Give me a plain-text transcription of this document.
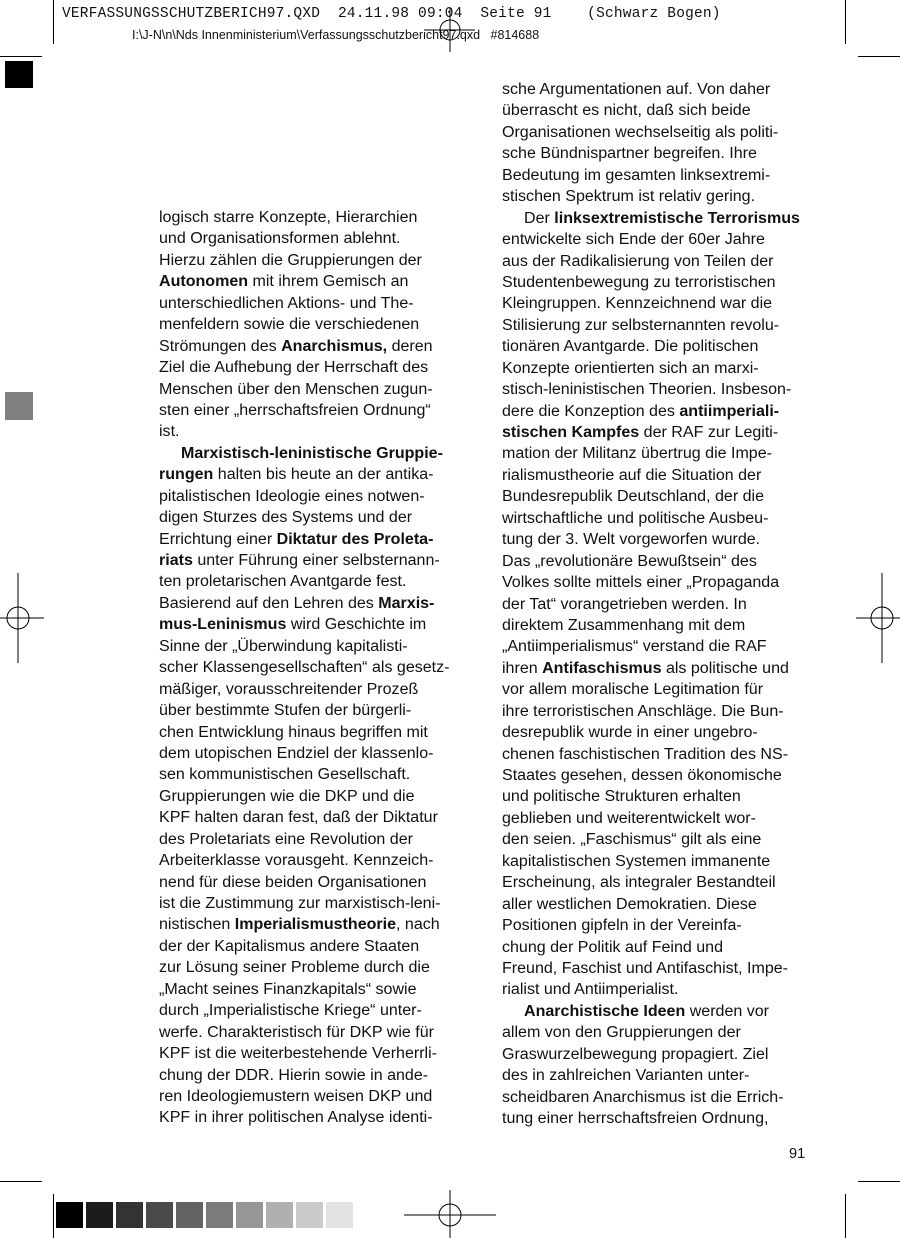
VERFASSUNGSSCHUTZBERICH97.QXD  24.11.98 09:04  Seite 91    (Schwarz Bogen)
I:\J-N\n\Nds Innenministerium\Verfassungsschutzbericht97.qxd   #814688
logisch starre Konzepte, Hierarchien
und Organisationsformen ablehnt.
Hierzu zählen die Gruppierungen der
Autonomen mit ihrem Gemisch an
unterschiedlichen Aktions- und The-
menfeldern sowie die verschiedenen
Strömungen des Anarchismus, deren
Ziel die Aufhebung der Herrschaft des
Menschen über den Menschen zugun-
sten einer „herrschaftsfreien Ordnung“
ist.
Marxistisch-leninistische Gruppie-
rungen halten bis heute an der antika-
pitalistischen Ideologie eines notwen-
digen Sturzes des Systems und der
Errichtung einer Diktatur des Proleta-
riats unter Führung einer selbsternann-
ten proletarischen Avantgarde fest.
Basierend auf den Lehren des Marxis-
mus-Leninismus wird Geschichte im
Sinne der „Überwindung kapitalisti-
scher Klassengesellschaften“ als gesetz-
mäßiger, vorausschreitender Prozeß
über bestimmte Stufen der bürgerli-
chen Entwicklung hinaus begriffen mit
dem utopischen Endziel der klassenlo-
sen kommunistischen Gesellschaft.
Gruppierungen wie die DKP und die
KPF halten daran fest, daß der Diktatur
des Proletariats eine Revolution der
Arbeiterklasse vorausgeht. Kennzeich-
nend für diese beiden Organisationen
ist die Zustimmung zur marxistisch-leni-
nistischen Imperialismustheorie, nach
der der Kapitalismus andere Staaten
zur Lösung seiner Probleme durch die
„Macht seines Finanzkapitals“ sowie
durch „Imperialistische Kriege“ unter-
werfe. Charakteristisch für DKP wie für
KPF ist die weiterbestehende Verherrli-
chung der DDR. Hierin sowie in ande-
ren Ideologiemustern weisen DKP und
KPF in ihrer politischen Analyse identi-
sche Argumentationen auf. Von daher
überrascht es nicht, daß sich beide
Organisationen wechselseitig als politi-
sche Bündnispartner begreifen. Ihre
Bedeutung im gesamten linksextremi-
stischen Spektrum ist relativ gering.
Der linksextremistische Terrorismus
entwickelte sich Ende der 60er Jahre
aus der Radikalisierung von Teilen der
Studentenbewegung zu terroristischen
Kleingruppen. Kennzeichnend war die
Stilisierung zur selbsternannten revolu-
tionären Avantgarde. Die politischen
Konzepte orientierten sich an marxi-
stisch-leninistischen Theorien. Insbeson-
dere die Konzeption des antiimperiali-
stischen Kampfes der RAF zur Legiti-
mation der Militanz übertrug die Impe-
rialismustheorie auf die Situation der
Bundesrepublik Deutschland, der die
wirtschaftliche und politische Ausbeu-
tung der 3. Welt vorgeworfen wurde.
Das „revolutionäre Bewußtsein“ des
Volkes sollte mittels einer „Propaganda
der Tat“ vorangetrieben werden. In
direktem Zusammenhang mit dem
„Antiimperialismus“ verstand die RAF
ihren Antifaschismus als politische und
vor allem moralische Legitimation für
ihre terroristischen Anschläge. Die Bun-
desrepublik wurde in einer ungebro-
chenen faschistischen Tradition des NS-
Staates gesehen, dessen ökonomische
und politische Strukturen erhalten
geblieben und weiterentwickelt wor-
den seien. „Faschismus“ gilt als eine
kapitalistischen Systemen immanente
Erscheinung, als integraler Bestandteil
aller westlichen Demokratien. Diese
Positionen gipfeln in der Vereinfa-
chung der Politik auf Feind und
Freund, Faschist und Antifaschist, Impe-
rialist und Antiimperialist.
Anarchistische Ideen werden vor
allem von den Gruppierungen der
Graswurzelbewegung propagiert. Ziel
des in zahlreichen Varianten unter-
scheidbaren Anarchismus ist die Errich-
tung einer herrschaftsfreien Ordnung,
91
